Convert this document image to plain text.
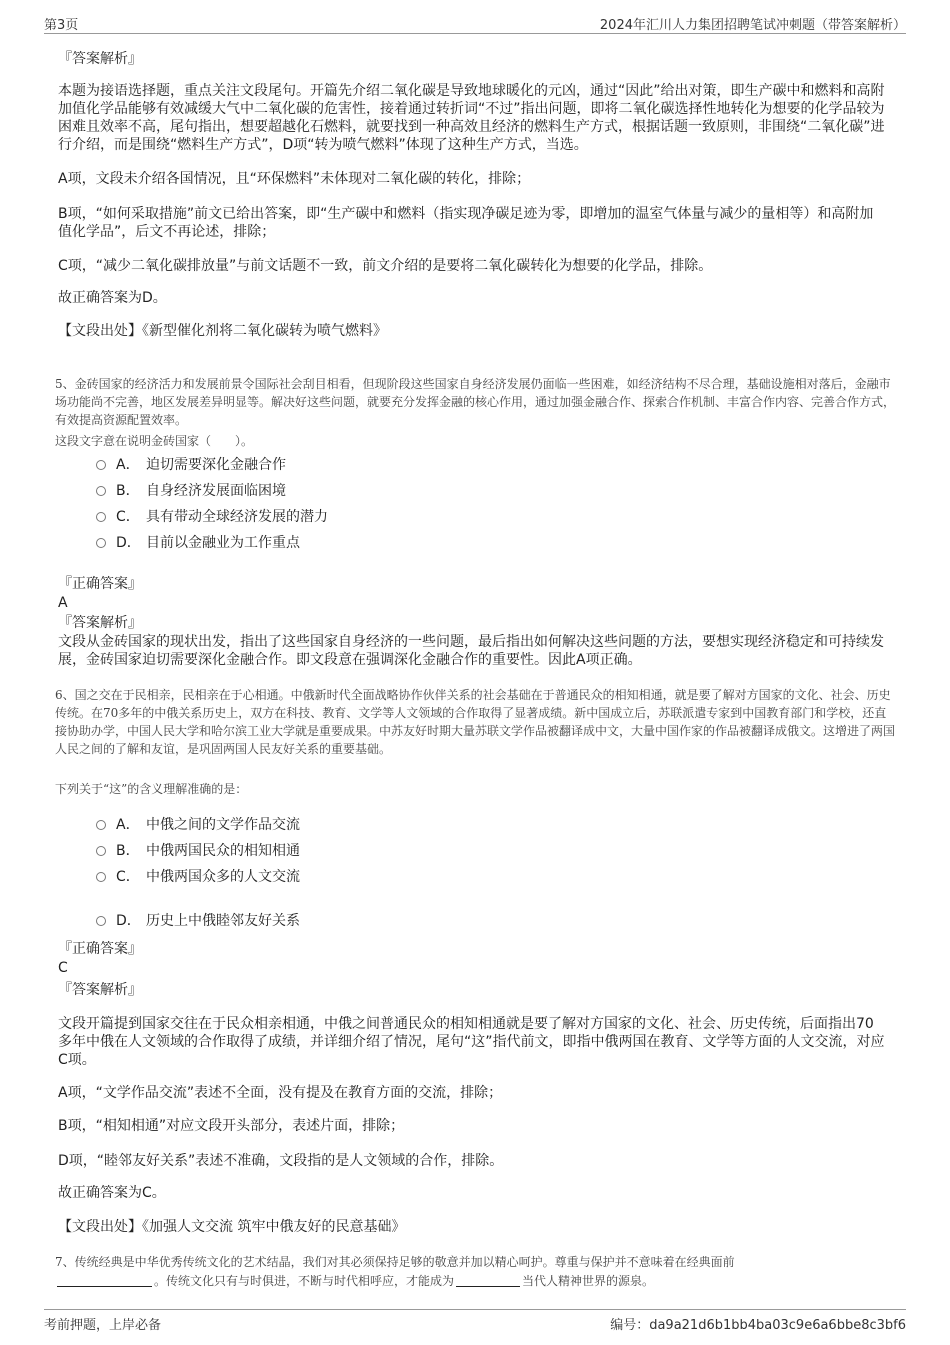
第3页	2024年汇川人力集团招聘笔试冲刺题（带答案解析）
『答案解析』
本题为接语选择题，重点关注文段尾句。开篇先介绍二氧化碳是导致地球暖化的元凶，通过“因此”给出对策，即生产碳中和燃料和高附加值化学品能够有效减缓大气中二氧化碳的危害性，接着通过转折词“不过”指出问题，即将二氧化碳选择性地转化为想要的化学品较为困难且效率不高，尾句指出，想要超越化石燃料，就要找到一种高效且经济的燃料生产方式，根据话题一致原则，非围绕“二氧化碳”进行介绍，而是围绕“燃料生产方式”，D项“转为喷气燃料”体现了这种生产方式，当选。
A项，文段未介绍各国情况，且“环保燃料”未体现对二氧化碳的转化，排除；
B项，“如何采取措施”前文已给出答案，即“生产碳中和燃料（指实现净碳足迹为零，即增加的温室气体量与减少的量相等）和高附加值化学品”，后文不再论述，排除；
C项，“减少二氧化碳排放量”与前文话题不一致，前文介绍的是要将二氧化碳转化为想要的化学品，排除。
故正确答案为D。
【文段出处】《新型催化剂将二氧化碳转为喷气燃料》
5、金砖国家的经济活力和发展前景令国际社会刮目相看，但现阶段这些国家自身经济发展仍面临一些困难，如经济结构不尽合理，基础设施相对落后，金融市场功能尚不完善，地区发展差异明显等。解决好这些问题，就要充分发挥金融的核心作用，通过加强金融合作、探索合作机制、丰富合作内容、完善合作方式，有效提高资源配置效率。
这段文字意在说明金砖国家（　　）。
A． 迫切需要深化金融合作
B． 自身经济发展面临困境
C． 具有带动全球经济发展的潜力
D． 目前以金融业为工作重点
『正确答案』
A
『答案解析』
文段从金砖国家的现状出发，指出了这些国家自身经济的一些问题，最后指出如何解决这些问题的方法，要想实现经济稳定和可持续发展，金砖国家迫切需要深化金融合作。即文段意在强调深化金融合作的重要性。因此A项正确。
6、国之交在于民相亲，民相亲在于心相通。中俄新时代全面战略协作伙伴关系的社会基础在于普通民众的相知相通，就是要了解对方国家的文化、社会、历史传统。在70多年的中俄关系历史上，双方在科技、教育、文学等人文领域的合作取得了显著成绩。新中国成立后，苏联派遣专家到中国教育部门和学校，还直接协助办学，中国人民大学和哈尔滨工业大学就是重要成果。中苏友好时期大量苏联文学作品被翻译成中文，大量中国作家的作品被翻译成俄文。这增进了两国人民之间的了解和友谊，是巩固两国人民友好关系的重要基础。
下列关于“这”的含义理解准确的是：
A． 中俄之间的文学作品交流
B． 中俄两国民众的相知相通
C． 中俄两国众多的人文交流
D． 历史上中俄睦邻友好关系
『正确答案』
C
『答案解析』
文段开篇提到国家交往在于民众相亲相通，中俄之间普通民众的相知相通就是要了解对方国家的文化、社会、历史传统，后面指出70多年中俄在人文领域的合作取得了成绩，并详细介绍了情况，尾句“这”指代前文，即指中俄两国在教育、文学等方面的人文交流，对应C项。
A项，“文学作品交流”表述不全面，没有提及在教育方面的交流，排除；
B项，“相知相通”对应文段开头部分，表述片面，排除；
D项，“睦邻友好关系”表述不准确，文段指的是人文领域的合作，排除。
故正确答案为C。
【文段出处】《加强人文交流 筑牢中俄友好的民意基础》
7、传统经典是中华优秀传统文化的艺术结晶，我们对其必须保持足够的敬意并加以精心呵护。尊重与保护并不意味着在经典面前
。传统文化只有与时俱进，不断与时代相呼应，才能成为	当代人精神世界的源泉。
考前押题，上岸必备	编号：da9a21d6b1bb4ba03c9e6a6bbe8c3bf6
